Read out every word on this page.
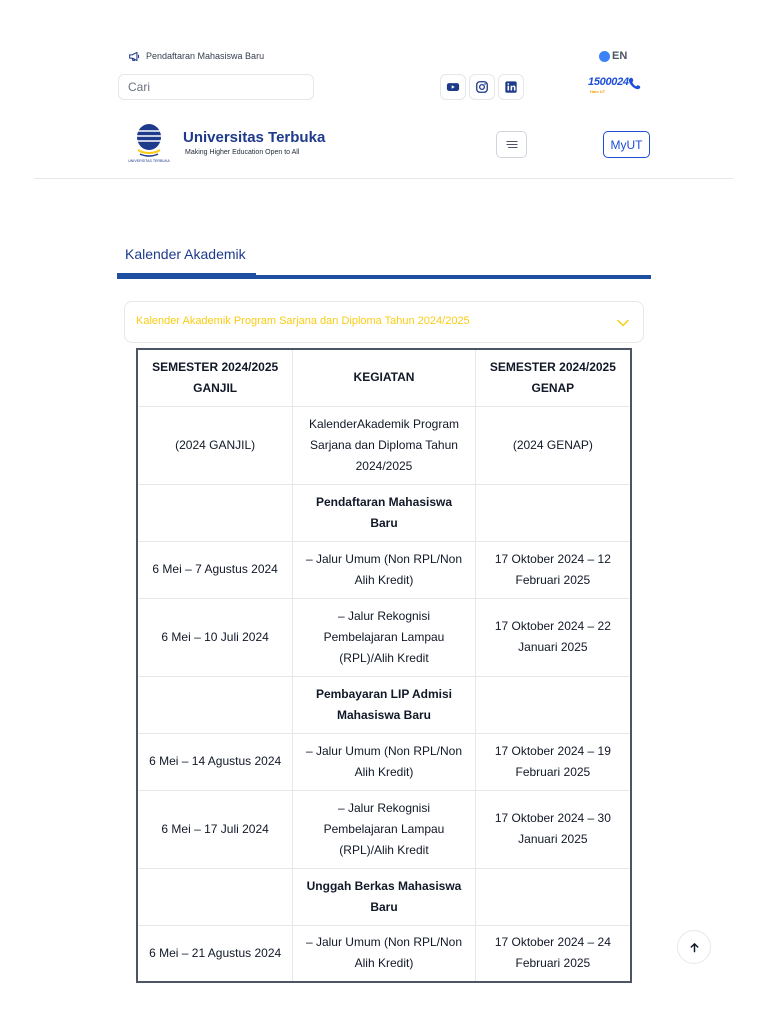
Pendaftaran Mahasiswa Baru	EN
Cari
1500024
Halo UT
UNIVERSITAS TERBUKA
Universitas Terbuka
Making Higher Education Open to All
MyUT
Kalender Akademik
Kalender Akademik Program Sarjana dan Diploma Tahun 2024/2025
SEMESTER 2024/2025 GANJIL	KEGIATAN	SEMESTER 2024/2025 GENAP
(2024 GANJIL)	KalenderAkademik Program Sarjana dan Diploma Tahun 2024/2025	(2024 GENAP)
	Pendaftaran Mahasiswa Baru	
6 Mei – 7 Agustus 2024	– Jalur Umum (Non RPL/Non Alih Kredit)	17 Oktober 2024 – 12 Februari 2025
6 Mei – 10 Juli 2024	– Jalur Rekognisi Pembelajaran Lampau (RPL)/Alih Kredit	17 Oktober 2024 – 22 Januari 2025
	Pembayaran LIP Admisi Mahasiswa Baru	
6 Mei – 14 Agustus 2024	– Jalur Umum (Non RPL/Non Alih Kredit)	17 Oktober 2024 – 19 Februari 2025
6 Mei – 17 Juli 2024	– Jalur Rekognisi Pembelajaran Lampau (RPL)/Alih Kredit	17 Oktober 2024 – 30 Januari 2025
	Unggah Berkas Mahasiswa Baru	
6 Mei – 21 Agustus 2024	– Jalur Umum (Non RPL/Non Alih Kredit)	17 Oktober 2024 – 24 Februari 2025
